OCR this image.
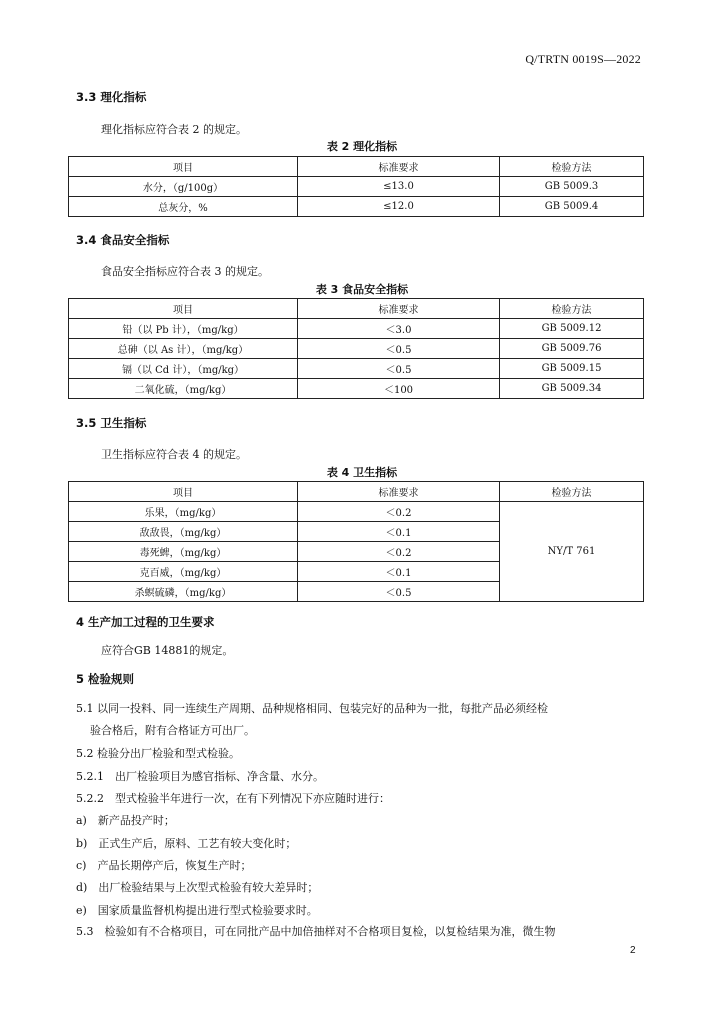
Q/TRTN 0019S—2022
3.3 理化指标
理化指标应符合表 2 的规定。
表 2 理化指标
项目	标准要求	检验方法
水分，（g/100g）	≤13.0	GB 5009.3
总灰分，%	≤12.0	GB 5009.4
3.4 食品安全指标
食品安全指标应符合表 3 的规定。
表 3 食品安全指标
项目	标准要求	检验方法
铅（以 Pb 计），（mg/kg）	＜3.0	GB 5009.12
总砷（以 As 计），（mg/kg）	＜0.5	GB 5009.76
镉（以 Cd 计），（mg/kg）	＜0.5	GB 5009.15
二氧化硫，（mg/kg）	＜100	GB 5009.34
3.5 卫生指标
卫生指标应符合表 4 的规定。
表 4 卫生指标
项目	标准要求	检验方法
乐果，（mg/kg）	＜0.2	NY/T 761
敌敌畏，（mg/kg）	＜0.1	
毒死蜱，（mg/kg）	＜0.2	
克百威，（mg/kg）	＜0.1	
杀螟硫磷，（mg/kg）	＜0.5	
4 生产加工过程的卫生要求
应符合GB 14881的规定。
5 检验规则
5.1 以同一投料、同一连续生产周期、品种规格相同、包装完好的品种为一批，每批产品必须经检
验合格后，附有合格证方可出厂。
5.2 检验分出厂检验和型式检验。
5.2.1　出厂检验项目为感官指标、净含量、水分。
5.2.2　型式检验半年进行一次，在有下列情况下亦应随时进行：
a)　新产品投产时；
b)　正式生产后，原料、工艺有较大变化时；
c)　产品长期停产后，恢复生产时；
d)　出厂检验结果与上次型式检验有较大差异时；
e)　国家质量监督机构提出进行型式检验要求时。
5.3　检验如有不合格项目，可在同批产品中加倍抽样对不合格项目复检，以复检结果为准，微生物
2
